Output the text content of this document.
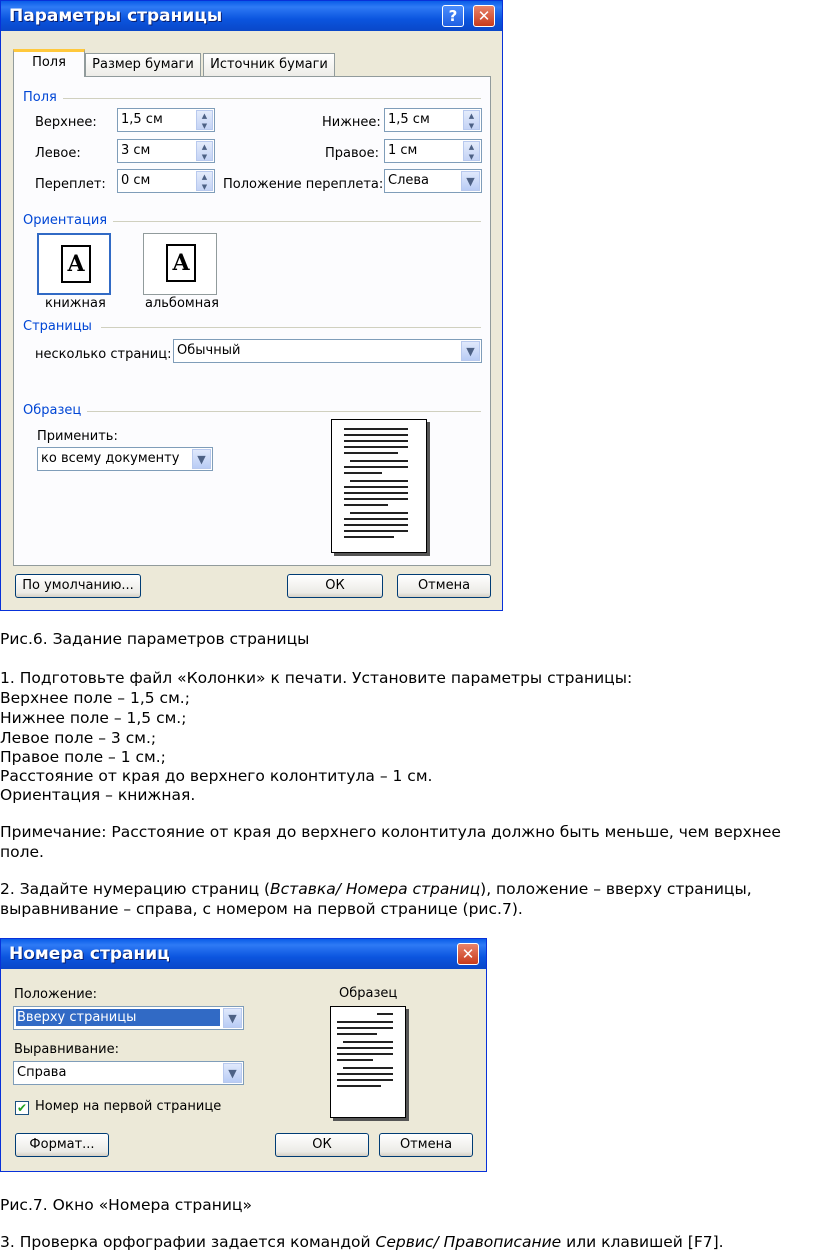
Параметры страницы	?	✕
Поля	Размер бумаги	Источник бумаги
Поля
Верхнее: 1,5 см	▲
▼	Нижнее: 1,5 см	▲
▼
Левое:	3 см	▲
▼	Правое: 1 см	▲
▼
Переплет: 0 см	▲
▼	Положение переплета: Слева	▼
Ориентация
A
книжная
A
альбомная
Страницы
несколько страниц: Обычный	▼
Образец
Применить:
ко всему документу	▼
По умолчанию...	ОК	Отмена
Рис.6. Задание параметров страницы
1. Подготовьте файл «Колонки» к печати. Установите параметры страницы:
Верхнее поле – 1,5 см.;
Нижнее поле – 1,5 см.;
Левое поле – 3 см.;
Правое поле – 1 см.;
Расстояние от края до верхнего колонтитула – 1 см.
Ориентация – книжная.
Примечание: Расстояние от края до верхнего колонтитула должно быть меньше, чем верхнее
поле.
2. Задайте нумерацию страниц (Вставка/ Номера страниц), положение – вверху страницы,
выравнивание – справа, с номером на первой странице (рис.7).
Номера страниц	✕
Положение:
Вверху страницы	▼
Выравнивание:
Справа	▼
✔ Номер на первой странице
Образец
Формат...	ОК	Отмена
Рис.7. Окно «Номера страниц»
3. Проверка орфографии задается командой Сервис/ Правописание или клавишей [F7].
